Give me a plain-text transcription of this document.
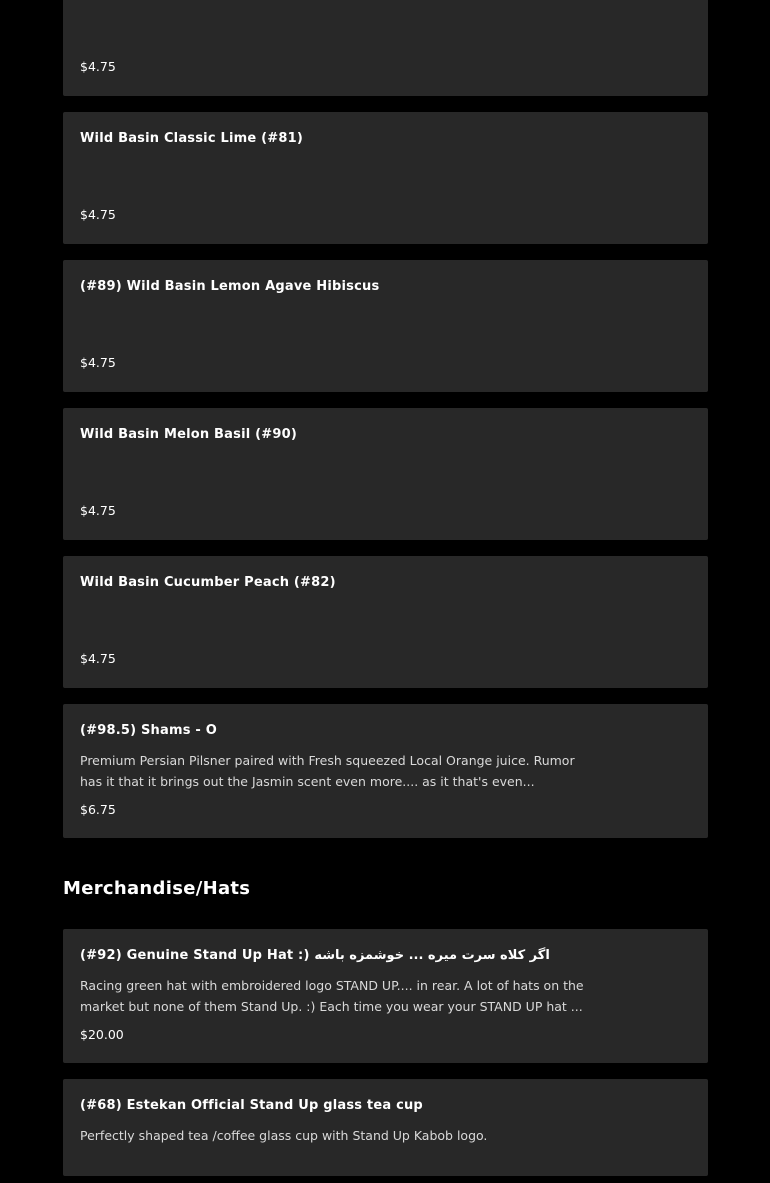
$4.75
Wild Basin Classic Lime (#81)
$4.75
(#89) Wild Basin Lemon Agave Hibiscus
$4.75
Wild Basin Melon Basil (#90)
$4.75
Wild Basin Cucumber Peach (#82)
$4.75
(#98.5) Shams - O
Premium Persian Pilsner paired with Fresh squeezed Local Orange juice. Rumor has it that it brings out the Jasmin scent even more.... as it that's even...
$6.75
Merchandise/Hats
(#92) Genuine Stand Up Hat :) اگر کلاه سرت میره ... خوشمزه باشه
Racing green hat with embroidered logo STAND UP.... in rear. A lot of hats on the market but none of them Stand Up. :) Each time you wear your STAND UP hat ...
$20.00
(#68) Estekan Official Stand Up glass tea cup
Perfectly shaped tea /coffee glass cup with Stand Up Kabob logo.
